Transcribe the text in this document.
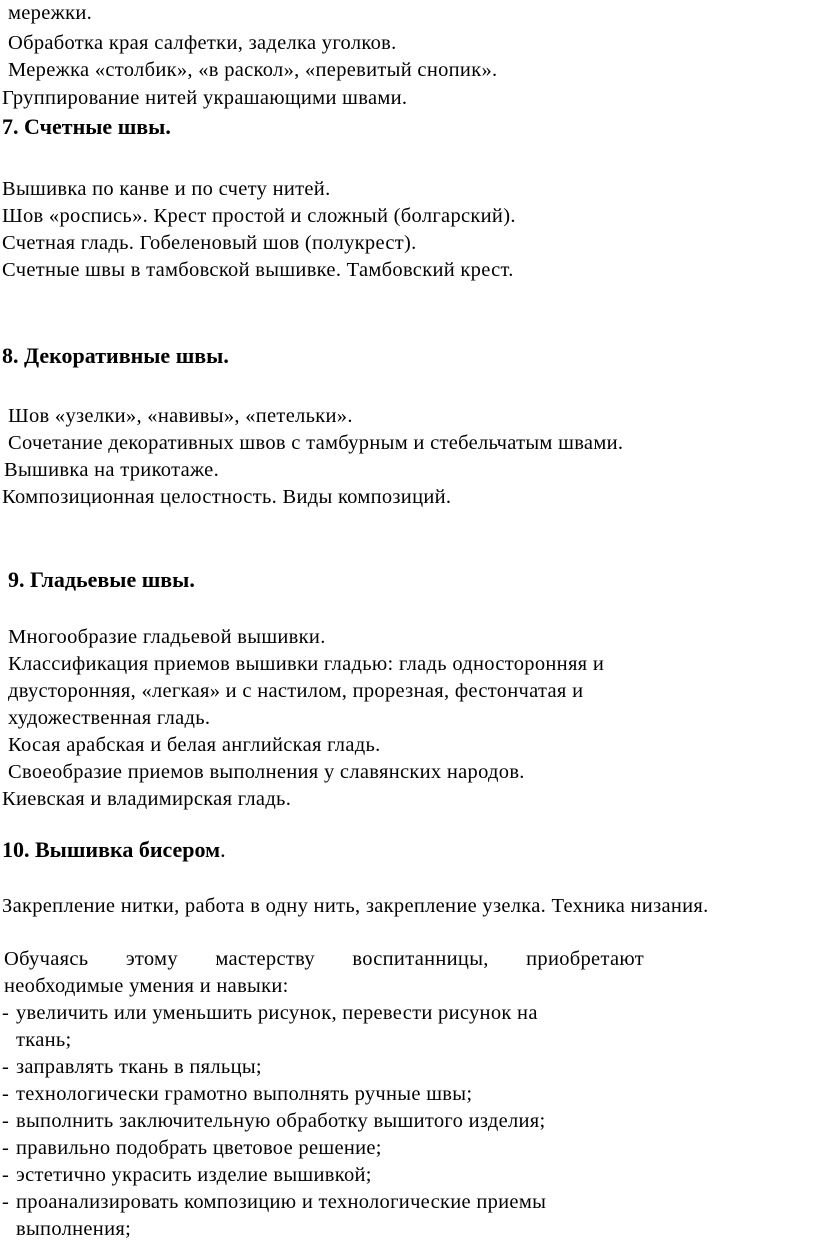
мережки.
Обработка края салфетки, заделка уголков.
Мережка «столбик», «в раскол», «перевитый снопик».
Группирование нитей украшающими швами.
7. Счетные швы.
Вышивка по канве и по счету нитей.
Шов «роспись». Крест простой и сложный (болгарский).
Счетная гладь. Гобеленовый шов (полукрест).
Счетные швы в тамбовской вышивке. Тамбовский крест.
8. Декоративные швы.
Шов «узелки», «навивы», «петельки».
Сочетание декоративных швов с тамбурным и стебельчатым швами.
Вышивка на трикотаже.
Композиционная целостность. Виды композиций.
9. Гладьевые швы.
Многообразие гладьевой вышивки.
Классификация приемов вышивки гладью: гладь односторонняя и
двусторонняя, «легкая» и с настилом, прорезная, фестончатая и
художественная гладь.
Косая арабская и белая английская гладь.
Своеобразие приемов выполнения у славянских народов.
Киевская и владимирская гладь.
10. Вышивка бисером.
Закрепление нитки, работа в одну нить, закрепление узелка. Техника низания.
Обучаясь этому мастерству воспитанницы, приобретают
необходимые умения и навыки:
- увеличить или уменьшить рисунок, перевести рисунок на
ткань;
- заправлять ткань в пяльцы;
- технологически грамотно выполнять ручные швы;
- выполнить заключительную обработку вышитого изделия;
- правильно подобрать цветовое решение;
- эстетично украсить изделие вышивкой;
- проанализировать композицию и технологические приемы
выполнения;
